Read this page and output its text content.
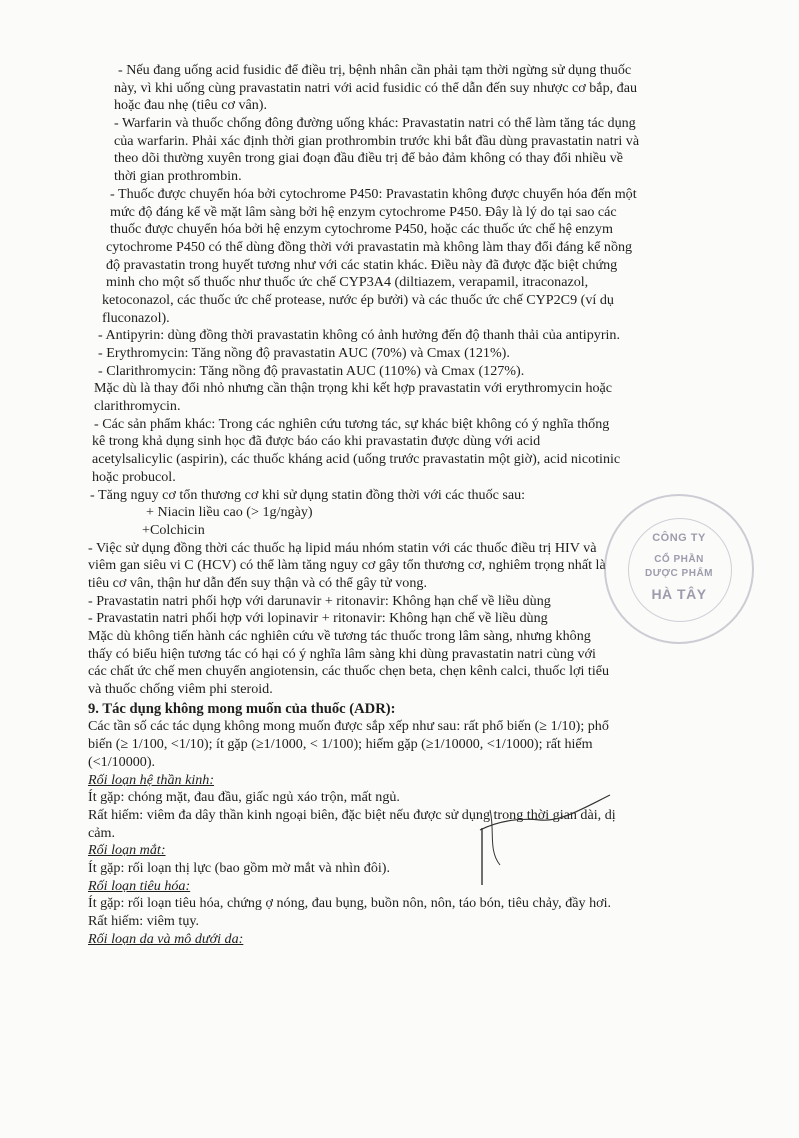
- Nếu đang uống acid fusidic để điều trị, bệnh nhân cần phải tạm thời ngừng sử dụng thuốc
này, vì khi uống cùng pravastatin natri với acid fusidic có thể dẫn đến suy nhược cơ bắp, đau
hoặc đau nhẹ (tiêu cơ vân).
- Warfarin và thuốc chống đông đường uống khác: Pravastatin natri có thể làm tăng tác dụng
của warfarin. Phải xác định thời gian prothrombin trước khi bắt đầu dùng pravastatin natri và
theo dõi thường xuyên trong giai đoạn đầu điều trị để bảo đảm không có thay đổi nhiều về
thời gian prothrombin.
- Thuốc được chuyển hóa bởi cytochrome P450: Pravastatin không được chuyển hóa đến một
mức độ đáng kể về mặt lâm sàng bởi hệ enzym cytochrome P450. Đây là lý do tại sao các
thuốc được chuyển hóa bởi hệ enzym cytochrome P450, hoặc các thuốc ức chế hệ enzym
cytochrome P450 có thể dùng đồng thời với pravastatin mà không làm thay đổi đáng kể nồng
độ pravastatin trong huyết tương như với các statin khác. Điều này đã được đặc biệt chứng
minh cho một số thuốc như thuốc ức chế CYP3A4 (diltiazem, verapamil, itraconazol,
ketoconazol, các thuốc ức chế protease, nước ép bưởi) và các thuốc ức chế CYP2C9 (ví dụ
fluconazol).
- Antipyrin: dùng đồng thời pravastatin không có ảnh hưởng đến độ thanh thải của antipyrin.
- Erythromycin: Tăng nồng độ pravastatin AUC (70%) và Cmax (121%).
- Clarithromycin: Tăng nồng độ pravastatin AUC (110%) và Cmax (127%).
Mặc dù là thay đổi nhỏ nhưng cần thận trọng khi kết hợp pravastatin với erythromycin hoặc
clarithromycin.
- Các sản phẩm khác: Trong các nghiên cứu tương tác, sự khác biệt không có ý nghĩa thống
kê trong khả dụng sinh học đã được báo cáo khi pravastatin được dùng với acid
acetylsalicylic (aspirin), các thuốc kháng acid (uống trước pravastatin một giờ), acid nicotinic
hoặc probucol.
- Tăng nguy cơ tổn thương cơ khi sử dụng statin đồng thời với các thuốc sau:
+ Niacin liều cao (> 1g/ngày)
+Colchicin
- Việc sử dụng đồng thời các thuốc hạ lipid máu nhóm statin với các thuốc điều trị HIV và
viêm gan siêu vi C (HCV) có thể làm tăng nguy cơ gây tổn thương cơ, nghiêm trọng nhất là
tiêu cơ vân, thận hư dẫn đến suy thận và có thể gây tử vong.
- Pravastatin natri phối hợp với darunavir + ritonavir: Không hạn chế về liều dùng
- Pravastatin natri phối hợp với lopinavir + ritonavir: Không hạn chế về liều dùng
Mặc dù không tiến hành các nghiên cứu về tương tác thuốc trong lâm sàng, nhưng không
thấy có biểu hiện tương tác có hại có ý nghĩa lâm sàng khi dùng pravastatin natri cùng với
các chất ức chế men chuyển angiotensin, các thuốc chẹn beta, chẹn kênh calci, thuốc lợi tiểu
và thuốc chống viêm phi steroid.
9. Tác dụng không mong muốn của thuốc (ADR):
Các tần số các tác dụng không mong muốn được sắp xếp như sau: rất phổ biến (≥ 1/10); phổ
biến (≥ 1/100, <1/10); ít gặp (≥1/1000, < 1/100); hiếm gặp (≥1/10000, <1/1000); rất hiếm
(<1/10000).
Rối loạn hệ thần kinh:
Ít gặp: chóng mặt, đau đầu, giấc ngủ xáo trộn, mất ngủ.
Rất hiếm: viêm đa dây thần kinh ngoại biên, đặc biệt nếu được sử dụng trong thời gian dài, dị
cảm.
Rối loạn mắt:
Ít gặp: rối loạn thị lực (bao gồm mờ mắt và nhìn đôi).
Rối loạn tiêu hóa:
Ít gặp: rối loạn tiêu hóa, chứng ợ nóng, đau bụng, buồn nôn, nôn, táo bón, tiêu chảy, đầy hơi.
Rất hiếm: viêm tụy.
Rối loạn da và mô dưới da:
CÔNG TY
CỔ PHẦN
DƯỢC PHẨM
HÀ TÂY
